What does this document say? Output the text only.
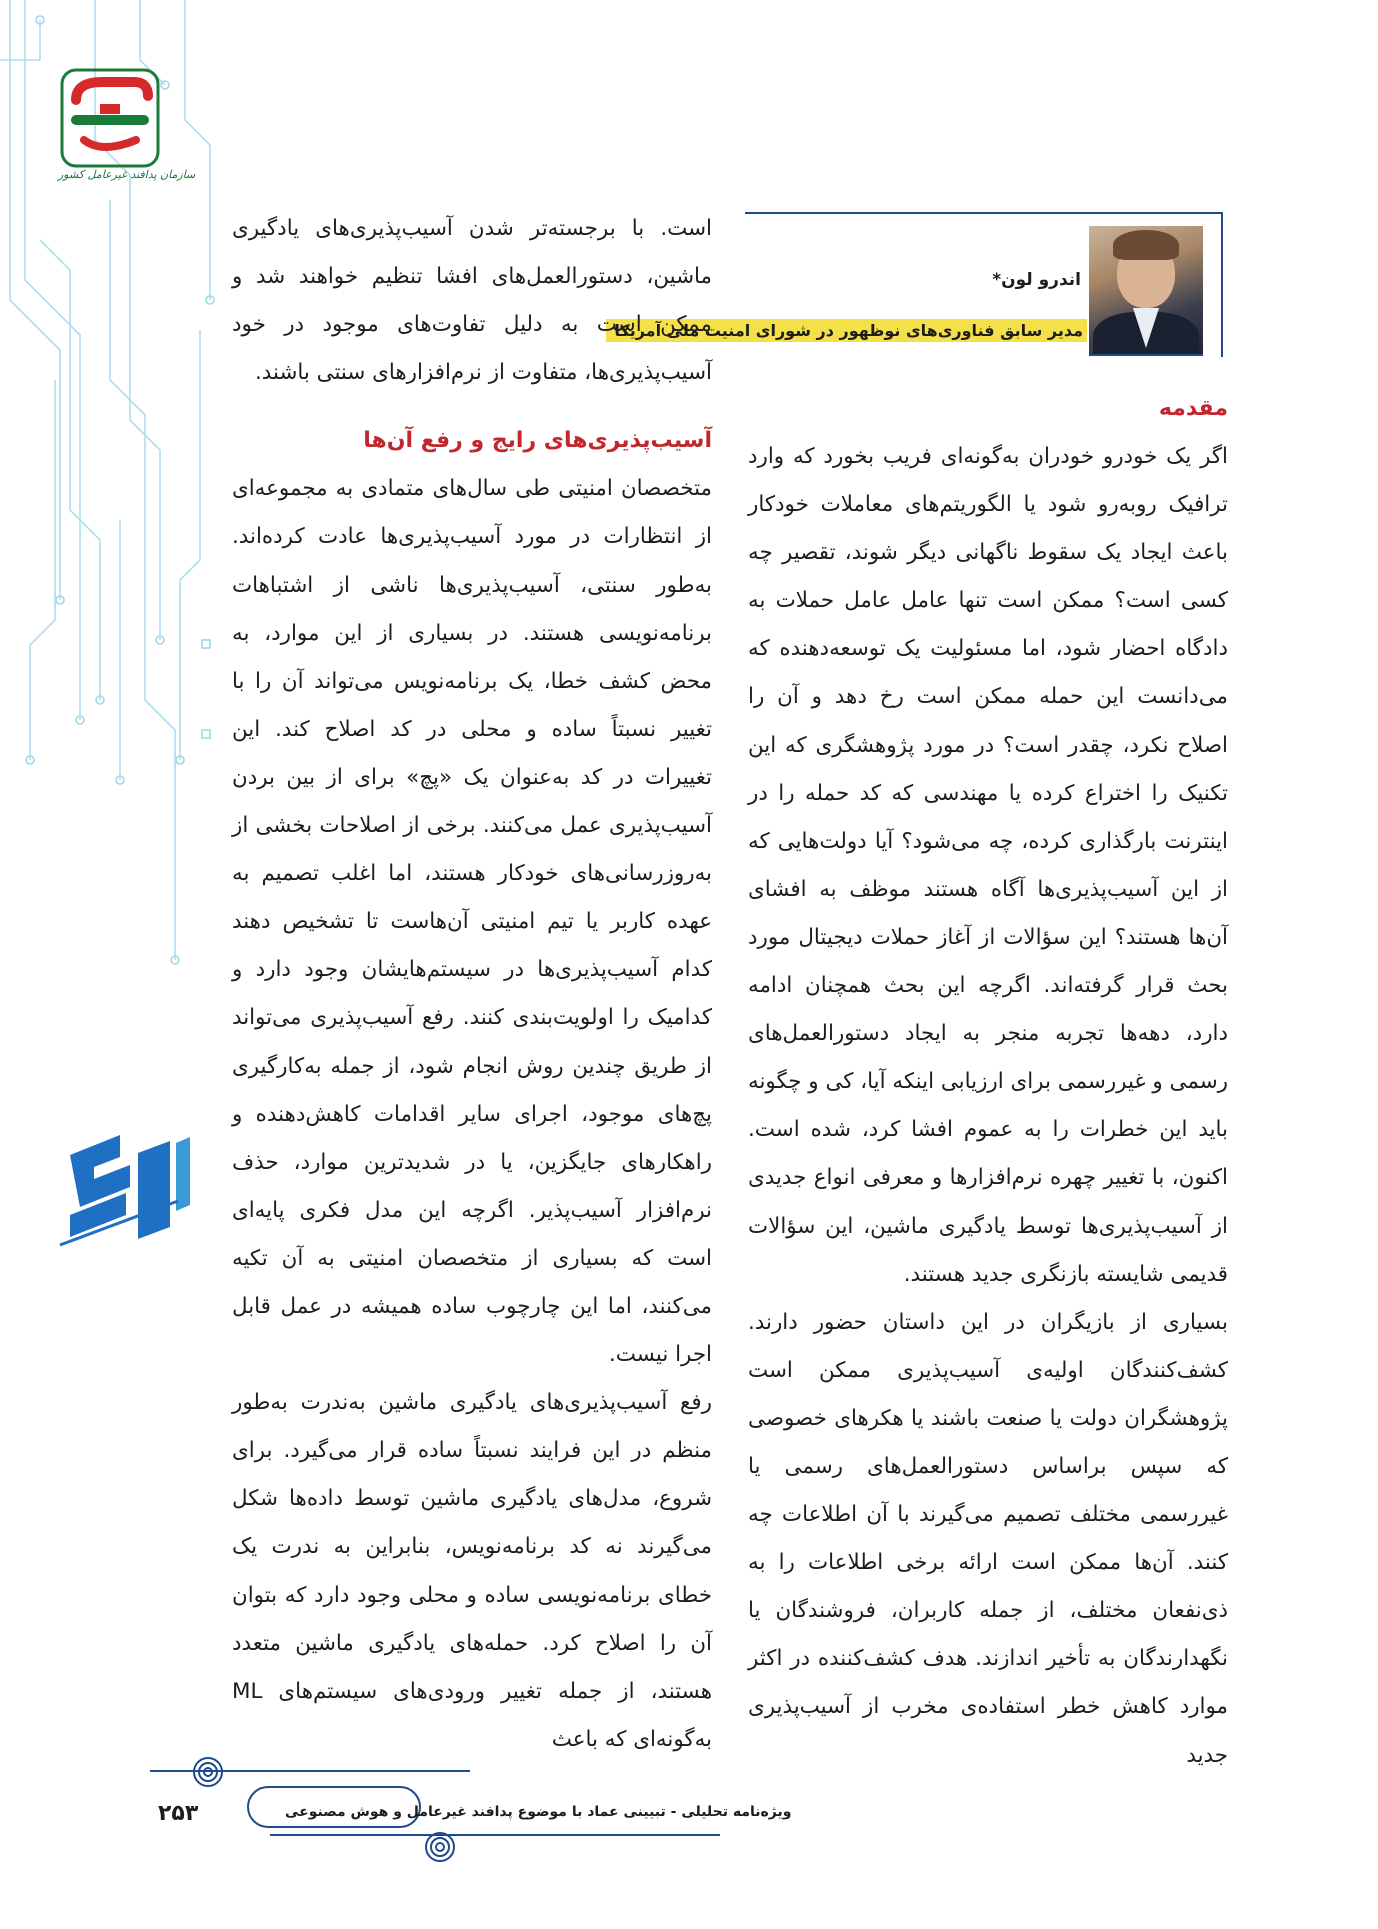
سازمان پدافند غیرعامل کشور
اندرو لون*
مدیر سابق فناوری‌های نوظهور در شورای امنیت ملی آمریکا
مقدمه

اگر یک خودرو خودران به‌گونه‌ای فریب بخورد که وارد ترافیک روبه‌رو شود یا الگوریتم‌های معاملات خودکار باعث ایجاد یک سقوط ناگهانی دیگر شوند، تقصیر چه کسی است؟ ممکن است تنها عامل عامل حملات به دادگاه احضار شود، اما مسئولیت یک توسعه‌دهنده که می‌دانست این حمله ممکن است رخ دهد و آن را اصلاح نکرد، چقدر است؟ در مورد پژوهشگری که این تکنیک را اختراع کرده یا مهندسی که کد حمله را در اینترنت بارگذاری کرده، چه می‌شود؟ آیا دولت‌هایی که از این آسیب‌پذیری‌ها آگاه هستند موظف به افشای آن‌ها هستند؟ این سؤالات از آغاز حملات دیجیتال مورد بحث قرار گرفته‌اند. اگرچه این بحث همچنان ادامه دارد، دهه‌ها تجربه منجر به ایجاد دستورالعمل‌های رسمی و غیررسمی برای ارزیابی اینکه آیا، کی و چگونه باید این خطرات را به عموم افشا کرد، شده است. اکنون، با تغییر چهره نرم‌افزارها و معرفی انواع جدیدی از آسیب‌پذیری‌ها توسط یادگیری ماشین، این سؤالات قدیمی شایسته بازنگری جدید هستند.

بسیاری از بازیگران در این داستان حضور دارند. کشف‌کنندگان اولیه‌ی آسیب‌پذیری ممکن است پژوهشگران دولت یا صنعت باشند یا هکرهای خصوصی که سپس براساس دستورالعمل‌های رسمی یا غیررسمی مختلف تصمیم می‌گیرند با آن اطلاعات چه کنند. آن‌ها ممکن است ارائه برخی اطلاعات را به ذی‌نفعان مختلف، از جمله کاربران، فروشندگان یا نگهدارندگان به تأخیر اندازند. هدف کشف‌کننده در اکثر موارد کاهش خطر استفاده‌ی مخرب از آسیب‌پذیری جدید

است. با برجسته‌تر شدن آسیب‌پذیری‌های یادگیری ماشین، دستورالعمل‌های افشا تنظیم خواهند شد و ممکن است به دلیل تفاوت‌های موجود در خود آسیب‌پذیری‌ها، متفاوت از نرم‌افزارهای سنتی باشند.

آسیب‌پذیری‌های رایج و رفع آن‌ها

متخصصان امنیتی طی سال‌های متمادی به مجموعه‌ای از انتظارات در مورد آسیب‌پذیری‌ها عادت کرده‌اند. به‌طور سنتی، آسیب‌پذیری‌ها ناشی از اشتباهات برنامه‌نویسی هستند. در بسیاری از این موارد، به محض کشف خطا، یک برنامه‌نویس می‌تواند آن را با تغییر نسبتاً ساده و محلی در کد اصلاح کند. این تغییرات در کد به‌عنوان یک «پچ» برای از بین بردن آسیب‌پذیری عمل می‌کنند. برخی از اصلاحات بخشی از به‌روزرسانی‌های خودکار هستند، اما اغلب تصمیم به عهده کاربر یا تیم امنیتی آن‌هاست تا تشخیص دهند کدام آسیب‌پذیری‌ها در سیستم‌هایشان وجود دارد و کدامیک را اولویت‌بندی کنند. رفع آسیب‌پذیری می‌تواند از طریق چندین روش انجام شود، از جمله به‌کارگیری پچ‌های موجود، اجرای سایر اقدامات کاهش‌دهنده و راهکارهای جایگزین، یا در شدیدترین موارد، حذف نرم‌افزار آسیب‌پذیر. اگرچه این مدل فکری پایه‌ای است که بسیاری از متخصصان امنیتی به آن تکیه می‌کنند، اما این چارچوب ساده همیشه در عمل قابل اجرا نیست.

رفع آسیب‌پذیری‌های یادگیری ماشین به‌ندرت به‌طور منظم در این فرایند نسبتاً ساده قرار می‌گیرد. برای شروع، مدل‌های یادگیری ماشین توسط داده‌ها شکل می‌گیرند نه کد برنامه‌نویس، بنابراین به ندرت یک خطای برنامه‌نویسی ساده و محلی وجود دارد که بتوان آن را اصلاح کرد. حمله‌های یادگیری ماشین متعدد هستند، از جمله تغییر ورودی‌های سیستم‌های ML به‌گونه‌ای که باعث

ویژه‌نامه تحلیلی - تبیینی عماد با موضوع پدافند غیرعامل و هوش مصنوعی
۲۵۳
